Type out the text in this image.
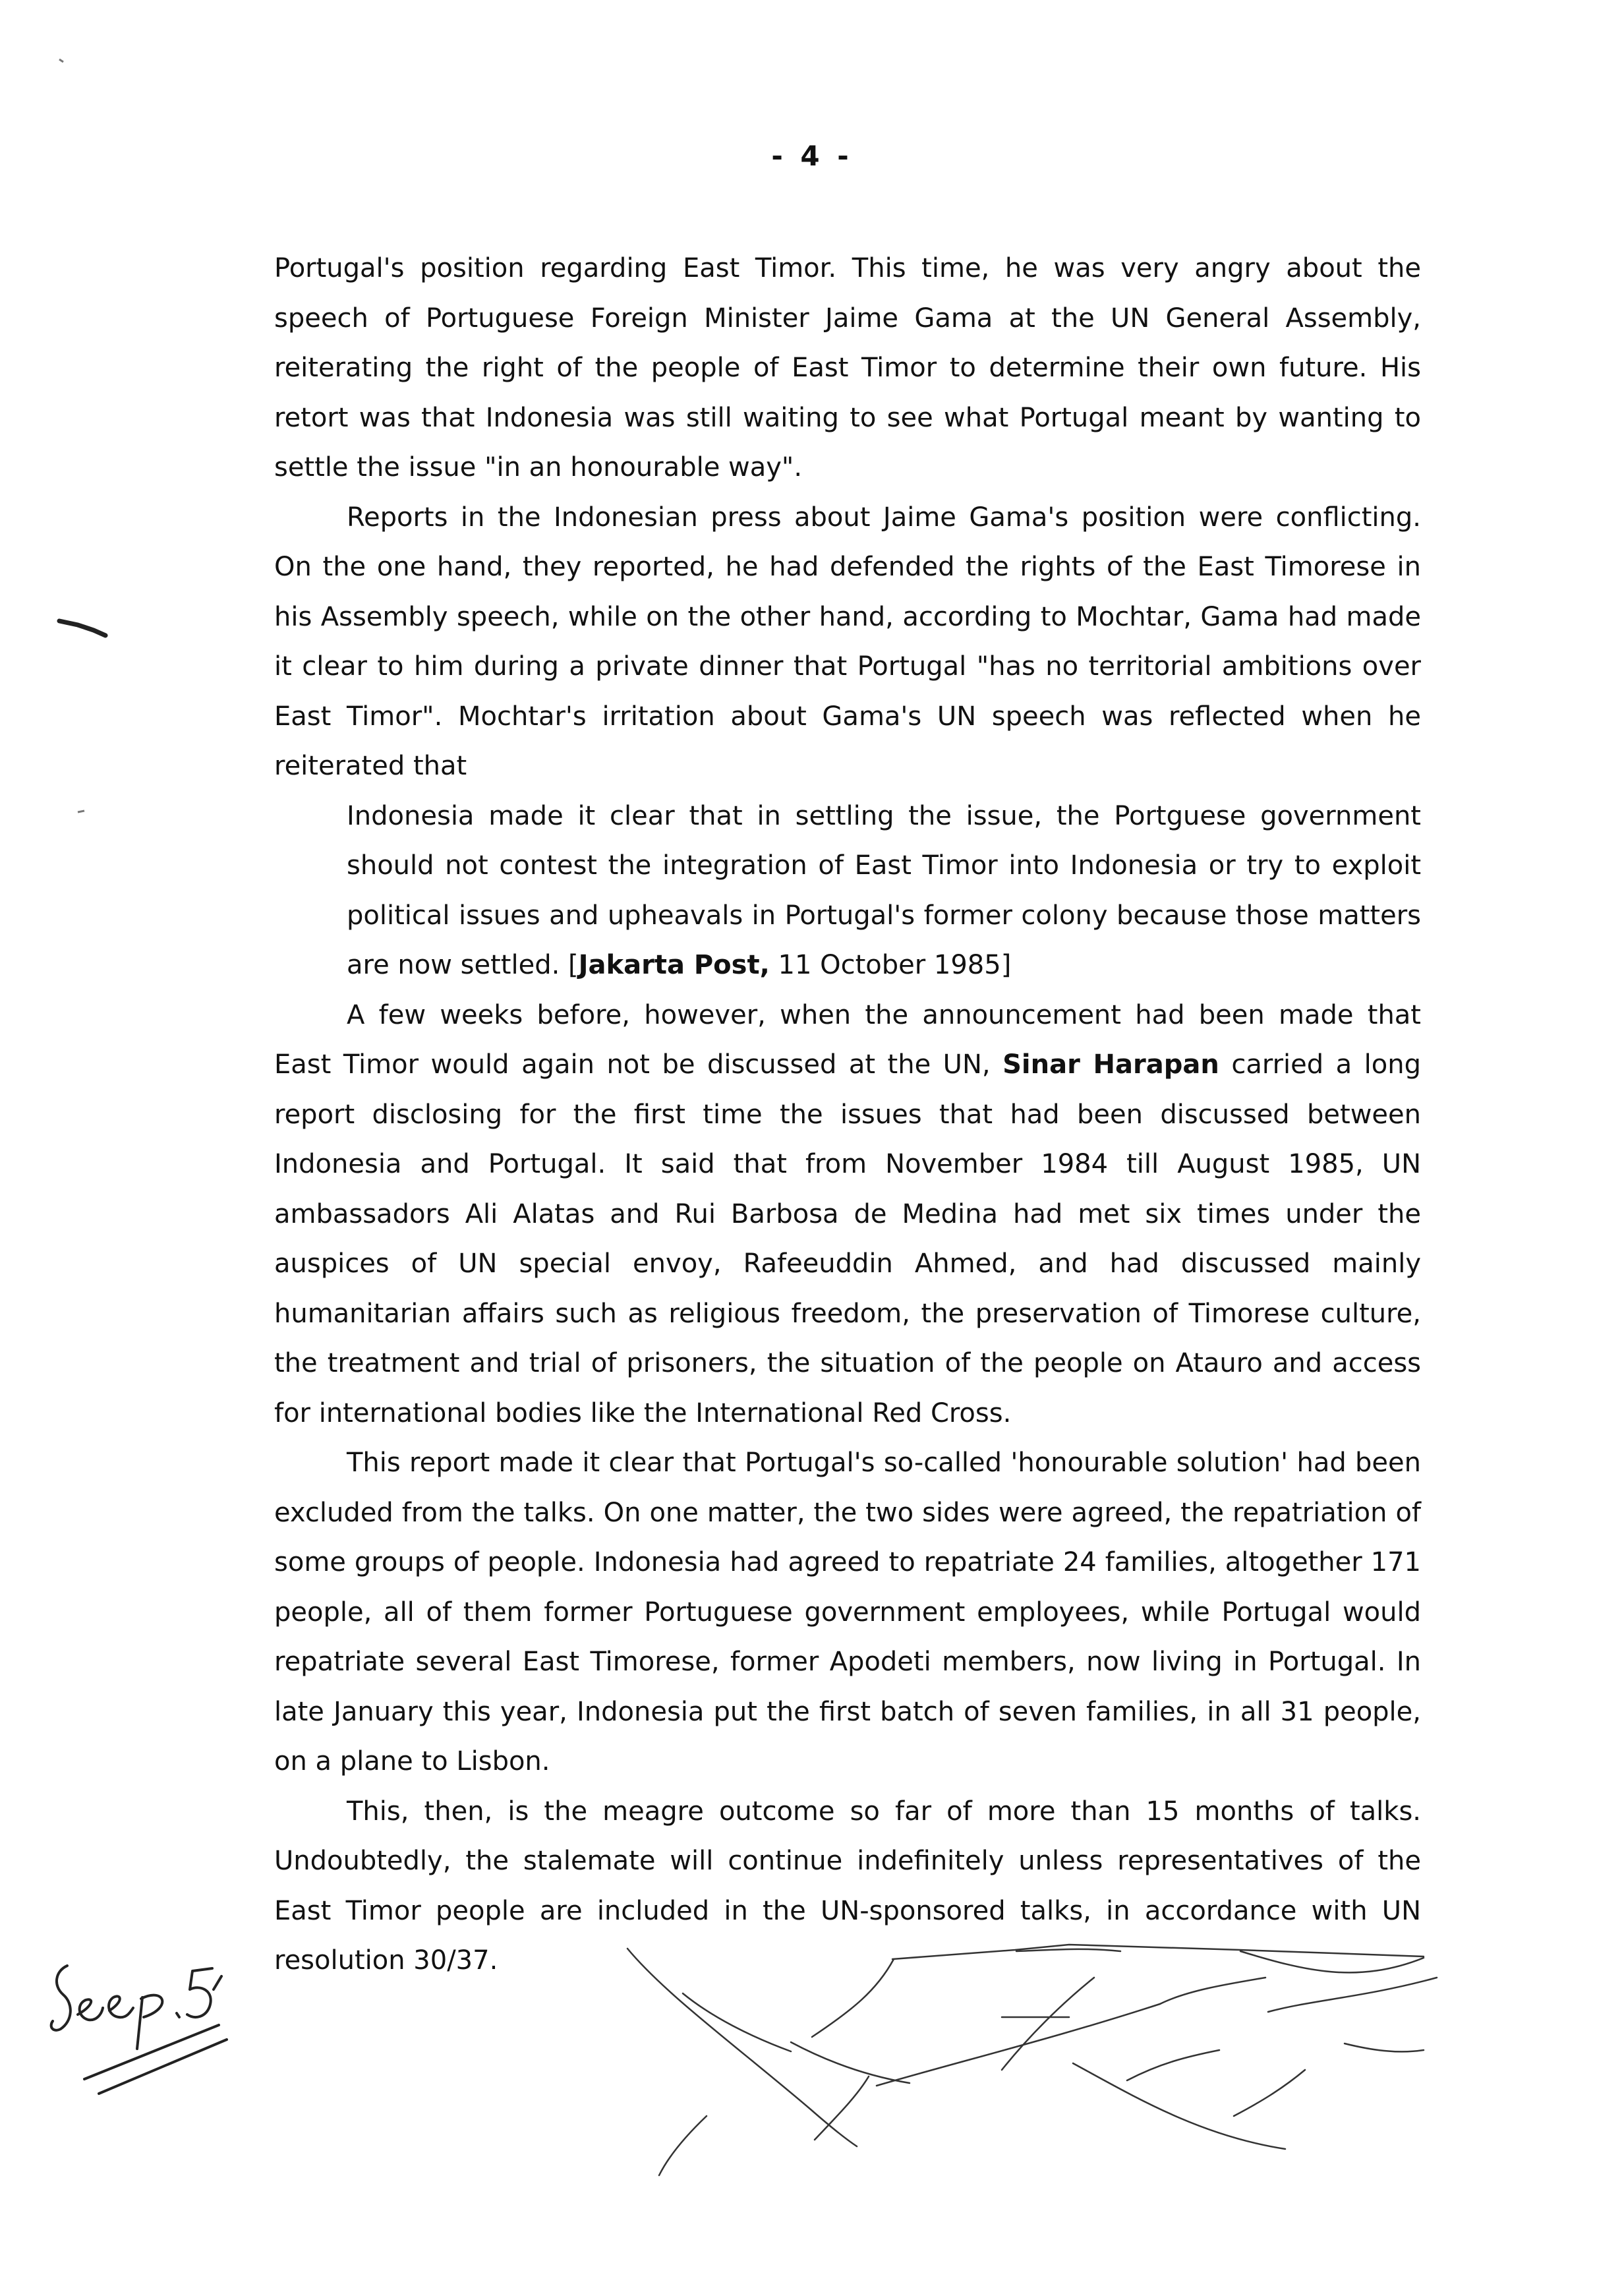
- 4 -

Portugal's position regarding East Timor. This time, he was very angry about the speech of Portuguese Foreign Minister Jaime Gama at the UN General Assembly, reiterating the right of the people of East Timor to determine their own future. His retort was that Indonesia was still waiting to see what Portugal meant by wanting to settle the issue "in an honourable way".

Reports in the Indonesian press about Jaime Gama's position were conflicting. On the one hand, they reported, he had defended the rights of the East Timorese in his Assembly speech, while on the other hand, according to Mochtar, Gama had made it clear to him during a private dinner that Portugal "has no territorial ambitions over East Timor". Mochtar's irritation about Gama's UN speech was reflected when he reiterated that

Indonesia made it clear that in settling the issue, the Portguese government should not contest the integration of East Timor into Indonesia or try to exploit political issues and upheavals in Portugal's former colony because those matters are now settled. [Jakarta Post, 11 October 1985]

A few weeks before, however, when the announcement had been made that East Timor would again not be discussed at the UN, Sinar Harapan carried a long report disclosing for the first time the issues that had been discussed between Indonesia and Portugal. It said that from November 1984 till August 1985, UN ambassadors Ali Alatas and Rui Barbosa de Medina had met six times under the auspices of UN special envoy, Rafeeuddin Ahmed, and had discussed mainly humanitarian affairs such as religious freedom, the preservation of Timorese culture, the treatment and trial of prisoners, the situation of the people on Atauro and access for international bodies like the International Red Cross.

This report made it clear that Portugal's so-called 'honourable solution' had been excluded from the talks. On one matter, the two sides were agreed, the repatriation of some groups of people. Indonesia had agreed to repatriate 24 families, altogether 171 people, all of them former Portuguese government employees, while Portugal would repatriate several East Timorese, former Apodeti members, now living in Portugal. In late January this year, Indonesia put the first batch of seven families, in all 31 people, on a plane to Lisbon.

This, then, is the meagre outcome so far of more than 15 months of talks. Undoubtedly, the stalemate will continue indefinitely unless representatives of the East Timor people are included in the UN-sponsored talks, in accordance with UN resolution 30/37.
